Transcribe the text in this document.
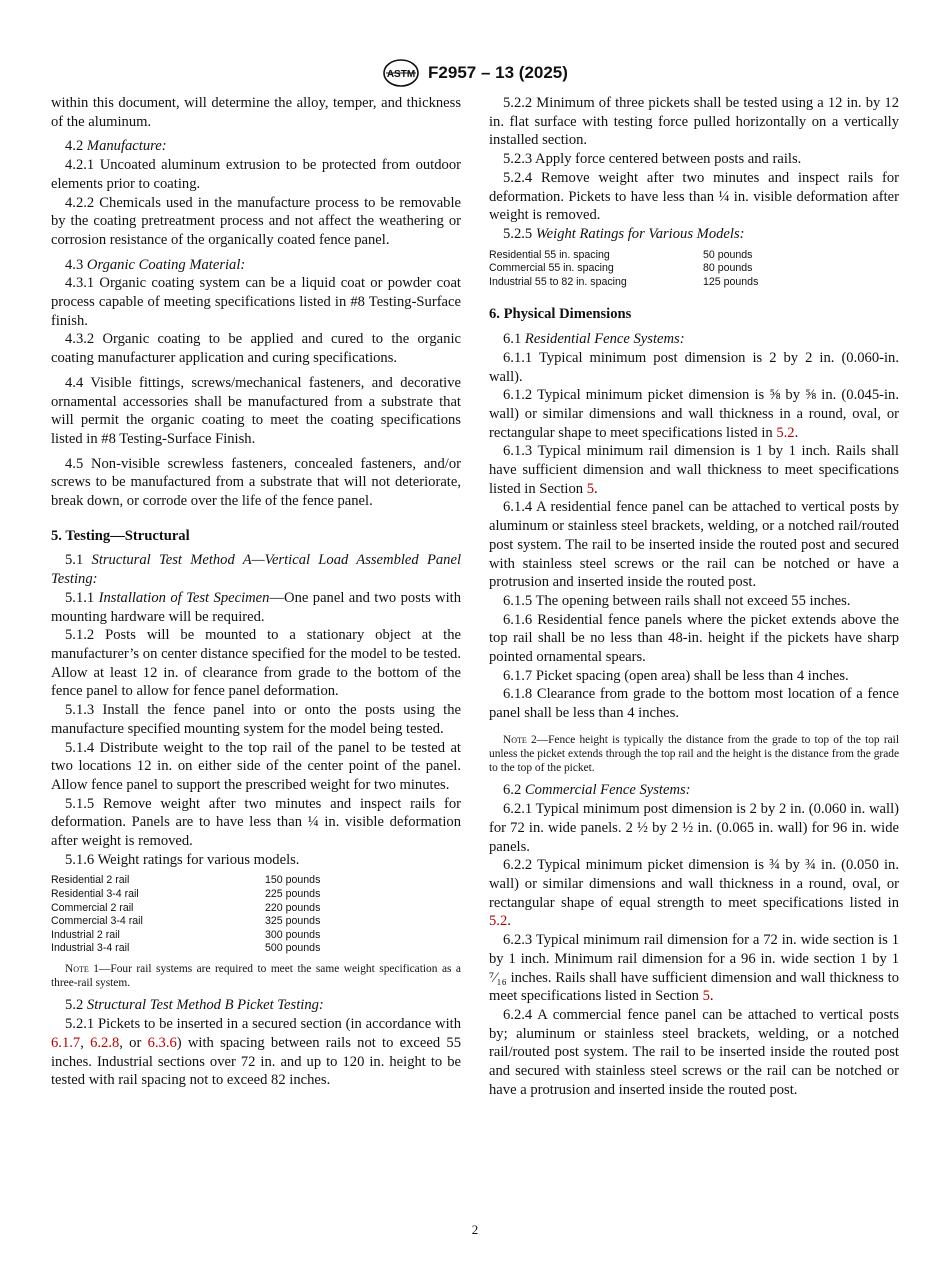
ASTM F2957 – 13 (2025)

within this document, will determine the alloy, temper, and thickness of the aluminum.

4.2 Manufacture:

4.2.1 Uncoated aluminum extrusion to be protected from outdoor elements prior to coating.

4.2.2 Chemicals used in the manufacture process to be removable by the coating pretreatment process and not affect the weathering or corrosion resistance of the organically coated fence panel.

4.3 Organic Coating Material:

4.3.1 Organic coating system can be a liquid coat or powder coat process capable of meeting specifications listed in #8 Testing-Surface finish.

4.3.2 Organic coating to be applied and cured to the organic coating manufacturer application and curing specifications.

4.4 Visible fittings, screws/mechanical fasteners, and decorative ornamental accessories shall be manufactured from a substrate that will permit the organic coating to meet the coating specifications listed in #8 Testing-Surface Finish.

4.5 Non-visible screwless fasteners, concealed fasteners, and/or screws to be manufactured from a substrate that will not deteriorate, break down, or corrode over the life of the fence panel.

5. Testing—Structural

5.1 Structural Test Method A—Vertical Load Assembled Panel Testing:

5.1.1 Installation of Test Specimen—One panel and two posts with mounting hardware will be required.

5.1.2 Posts will be mounted to a stationary object at the manufacturer’s on center distance specified for the model to be tested. Allow at least 12 in. of clearance from grade to the bottom of the fence panel to allow for fence panel deformation.

5.1.3 Install the fence panel into or onto the posts using the manufacture specified mounting system for the model being tested.

5.1.4 Distribute weight to the top rail of the panel to be tested at two locations 12 in. on either side of the center point of the panel. Allow fence panel to support the prescribed weight for two minutes.

5.1.5 Remove weight after two minutes and inspect rails for deformation. Panels are to have less than ¼ in. visible deformation after weight is removed.

5.1.6 Weight ratings for various models.

Residential 2 rail	150 pounds
Residential 3-4 rail	225 pounds
Commercial 2 rail	220 pounds
Commercial 3-4 rail	325 pounds
Industrial 2 rail	300 pounds
Industrial 3-4 rail	500 pounds

Note 1—Four rail systems are required to meet the same weight specification as a three-rail system.

5.2 Structural Test Method B Picket Testing:

5.2.1 Pickets to be inserted in a secured section (in accordance with 6.1.7, 6.2.8, or 6.3.6) with spacing between rails not to exceed 55 inches. Industrial sections over 72 in. and up to 120 in. height to be tested with rail spacing not to exceed 82 inches.

5.2.2 Minimum of three pickets shall be tested using a 12 in. by 12 in. flat surface with testing force pulled horizontally on a vertically installed section.

5.2.3 Apply force centered between posts and rails.

5.2.4 Remove weight after two minutes and inspect rails for deformation. Pickets to have less than ¼ in. visible deformation after weight is removed.

5.2.5 Weight Ratings for Various Models:

Residential 55 in. spacing	50 pounds
Commercial 55 in. spacing	80 pounds
Industrial 55 to 82 in. spacing	125 pounds

6. Physical Dimensions

6.1 Residential Fence Systems:

6.1.1 Typical minimum post dimension is 2 by 2 in. (0.060-in. wall).

6.1.2 Typical minimum picket dimension is ⅝ by ⅝ in. (0.045-in. wall) or similar dimensions and wall thickness in a round, oval, or rectangular shape to meet specifications listed in 5.2.

6.1.3 Typical minimum rail dimension is 1 by 1 inch. Rails shall have sufficient dimension and wall thickness to meet specifications listed in Section 5.

6.1.4 A residential fence panel can be attached to vertical posts by aluminum or stainless steel brackets, welding, or a notched rail/routed post system. The rail to be inserted inside the routed post and secured with stainless steel screws or the rail can be notched or have a protrusion and inserted inside the routed post.

6.1.5 The opening between rails shall not exceed 55 inches.

6.1.6 Residential fence panels where the picket extends above the top rail shall be no less than 48-in. height if the pickets have sharp pointed ornamental spears.

6.1.7 Picket spacing (open area) shall be less than 4 inches.

6.1.8 Clearance from grade to the bottom most location of a fence panel shall be less than 4 inches.

Note 2—Fence height is typically the distance from the grade to top of the top rail unless the picket extends through the top rail and the height is the distance from the grade to the top of the picket.

6.2 Commercial Fence Systems:

6.2.1 Typical minimum post dimension is 2 by 2 in. (0.060 in. wall) for 72 in. wide panels. 2 ½ by 2 ½ in. (0.065 in. wall) for 96 in. wide panels.

6.2.2 Typical minimum picket dimension is ¾ by ¾ in. (0.050 in. wall) or similar dimensions and wall thickness in a round, oval, or rectangular shape of equal strength to meet specifications listed in 5.2.

6.2.3 Typical minimum rail dimension for a 72 in. wide section is 1 by 1 inch. Minimum rail dimension for a 96 in. wide section 1 by 1 ⁷⁄₁₆ inches. Rails shall have sufficient dimension and wall thickness to meet specifications listed in Section 5.

6.2.4 A commercial fence panel can be attached to vertical posts by; aluminum or stainless steel brackets, welding, or a notched rail/routed post system. The rail to be inserted inside the routed post and secured with stainless steel screws or the rail can be notched or have a protrusion and inserted inside the routed post.

2
